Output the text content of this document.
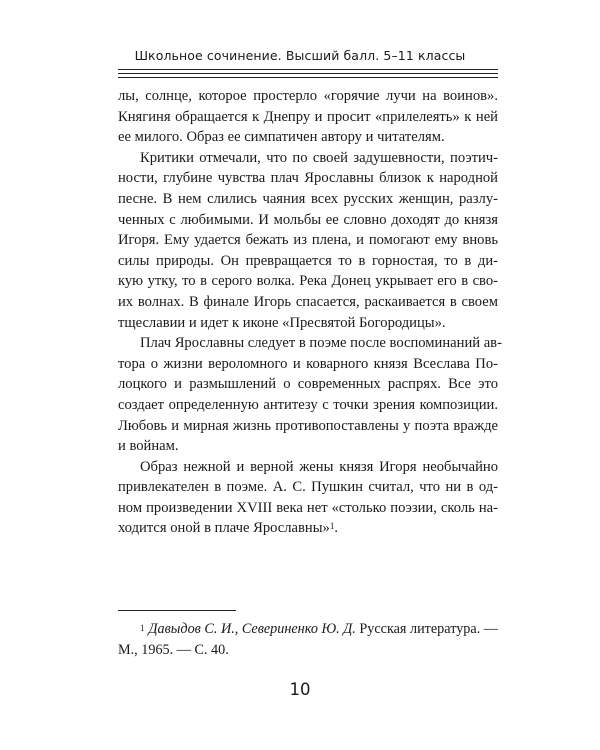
Школьное сочинение. Высший балл. 5–11 классы
лы, солнце, которое простерло «горячие лучи на воинов».
Княгиня обращается к Днепру и просит «прилелеять» к ней
ее милого. Образ ее симпатичен автору и читателям.
Критики отмечали, что по своей задушевности, поэтич-
ности, глубине чувства плач Ярославны близок к народной
песне. В нем слились чаяния всех русских женщин, разлу-
ченных с любимыми. И мольбы ее словно доходят до князя
Игоря. Ему удается бежать из плена, и помогают ему вновь
силы природы. Он превращается то в горностая, то в ди-
кую утку, то в серого волка. Река Донец укрывает его в сво-
их волнах. В финале Игорь спасается, раскаивается в своем
тщеславии и идет к иконе «Пресвятой Богородицы».
Плач Ярославны следует в поэме после воспоминаний ав-
тора о жизни вероломного и коварного князя Всеслава По-
лоцкого и размышлений о современных распрях. Все это
создает определенную антитезу с точки зрения композиции.
Любовь и мирная жизнь противопоставлены у поэта вражде
и войнам.
Образ нежной и верной жены князя Игоря необычайно
привлекателен в поэме. А. С. Пушкин считал, что ни в од-
ном произведении XVIII века нет «столько поэзии, сколь на-
ходится оной в плаче Ярославны»$^1$.
$^1$ Давыдов С. И., Севериненко Ю. Д. Русская литература. —
М., 1965. — С. 40.
10
